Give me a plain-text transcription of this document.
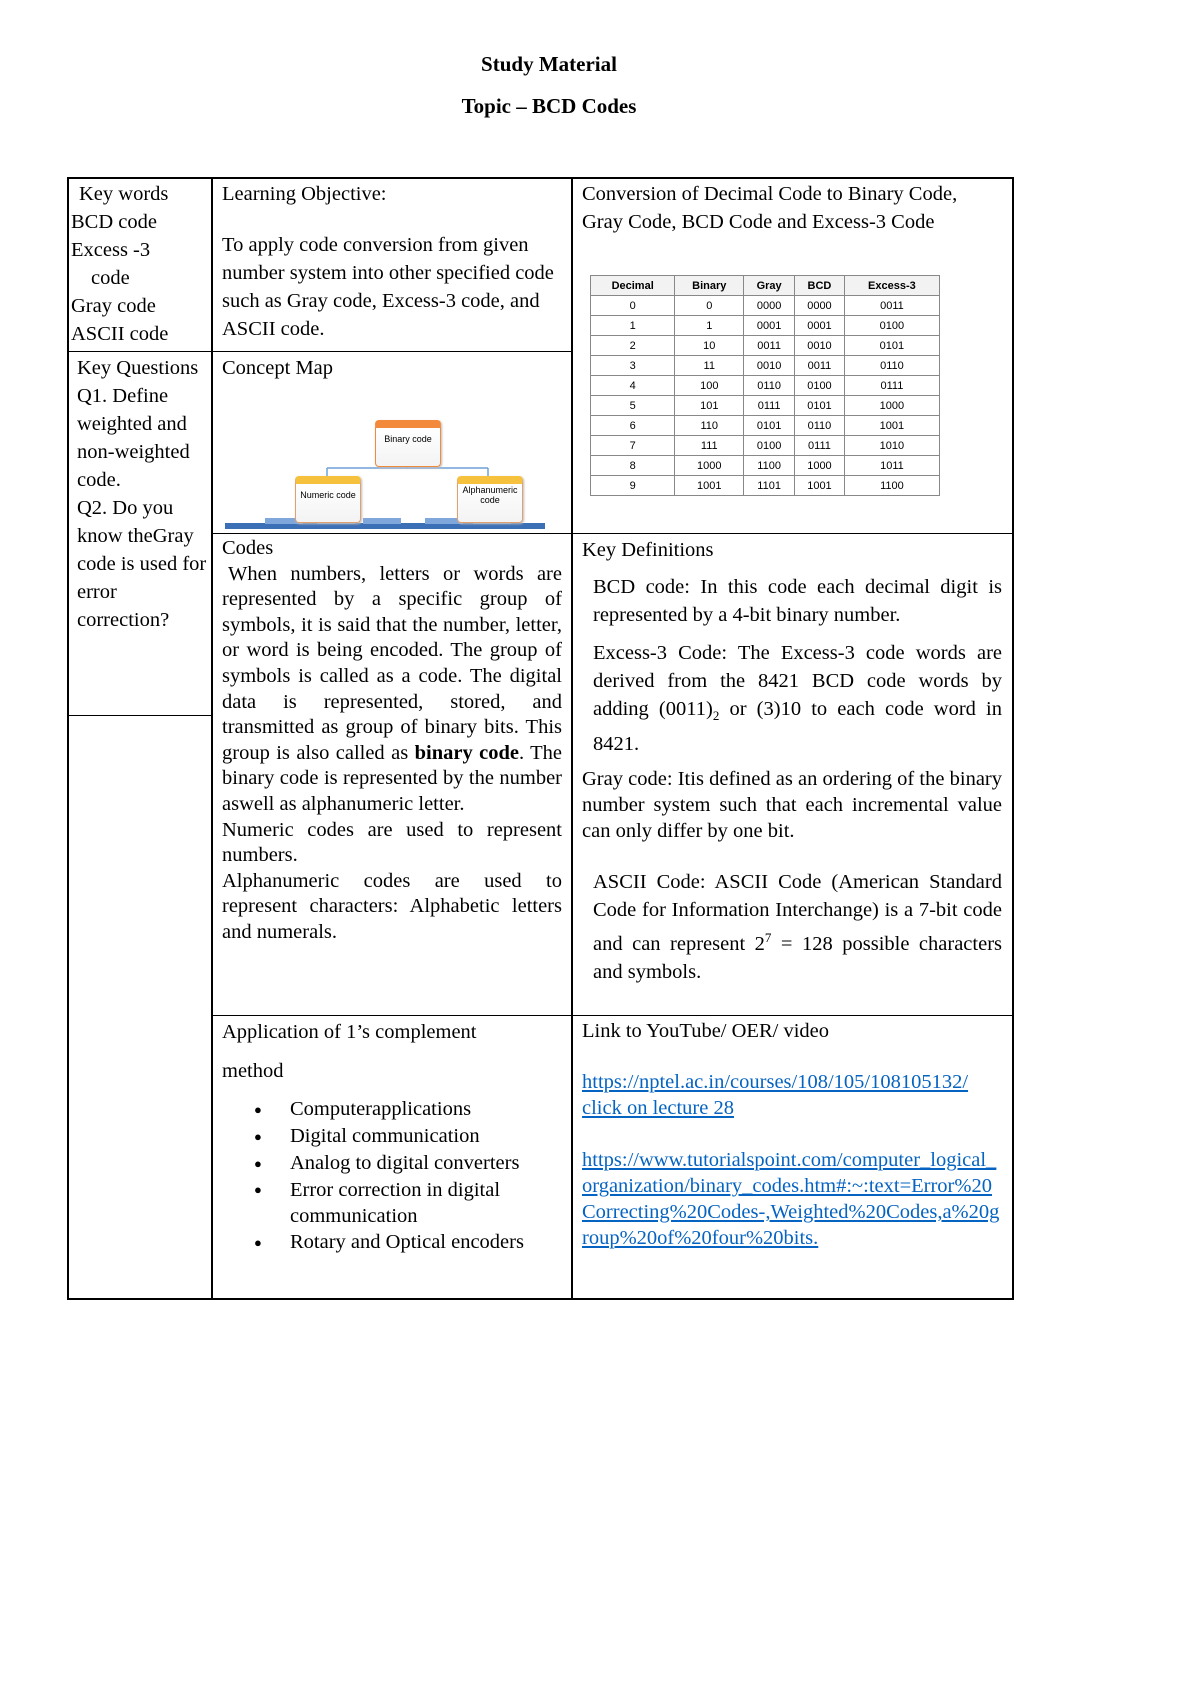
Study Material
Topic – BCD Codes
Key words
BCD code
Excess -3
code
Gray code
ASCII code
Learning Objective:
To apply code conversion from given number system into other specified code such as Gray code, Excess-3 code, and ASCII code.
Conversion of Decimal Code to Binary Code, Gray Code, BCD Code and Excess-3 Code
Decimal	Binary	Gray	BCD	Excess-3
0	0	0000	0000	0011
1	1	0001	0001	0100
2	10	0011	0010	0101
3	11	0010	0011	0110
4	100	0110	0100	0111
5	101	0111	0101	1000
6	110	0101	0110	1001
7	111	0100	0111	1010
8	1000	1100	1000	1011
9	1001	1101	1001	1100
Key Questions
Q1. Define weighted and non-weighted code.
Q2. Do you know theGray code is used for error correction?
Concept Map
Binary code
Numeric code	Alphanumeric code
Codes
When numbers, letters or words are represented by a specific group of symbols, it is said that the number, letter, or word is being encoded. The group of symbols is called as a code. The digital data is represented, stored, and transmitted as group of binary bits. This group is also called as binary code. The binary code is represented by the number aswell as alphanumeric letter.
Numeric codes are used to represent numbers.
Alphanumeric codes are used to represent characters: Alphabetic letters and numerals.
Key Definitions
BCD code: In this code each decimal digit is represented by a 4-bit binary number.
Excess-3 Code: The Excess-3 code words are derived from the 8421 BCD code words by adding $(0011)_2$ or (3)10 to each code word in 8421.
Gray code: Itis defined as an ordering of the binary number system such that each incremental value can only differ by one bit.
ASCII Code: ASCII Code (American Standard Code for Information Interchange) is a 7-bit code and can represent $2^7 = 128$ possible characters and symbols.
Application of 1’s complement
method
● Computerapplications
● Digital communication
● Analog to digital converters
● Error correction in digital communication
● Rotary and Optical encoders
Link to YouTube/ OER/ video
https://nptel.ac.in/courses/108/105/108105132/
click on lecture 28
https://www.tutorialspoint.com/computer_logical_organization/binary_codes.htm#:~:text=Error%20Correcting%20Codes-,Weighted%20Codes,a%20group%20of%20four%20bits.
